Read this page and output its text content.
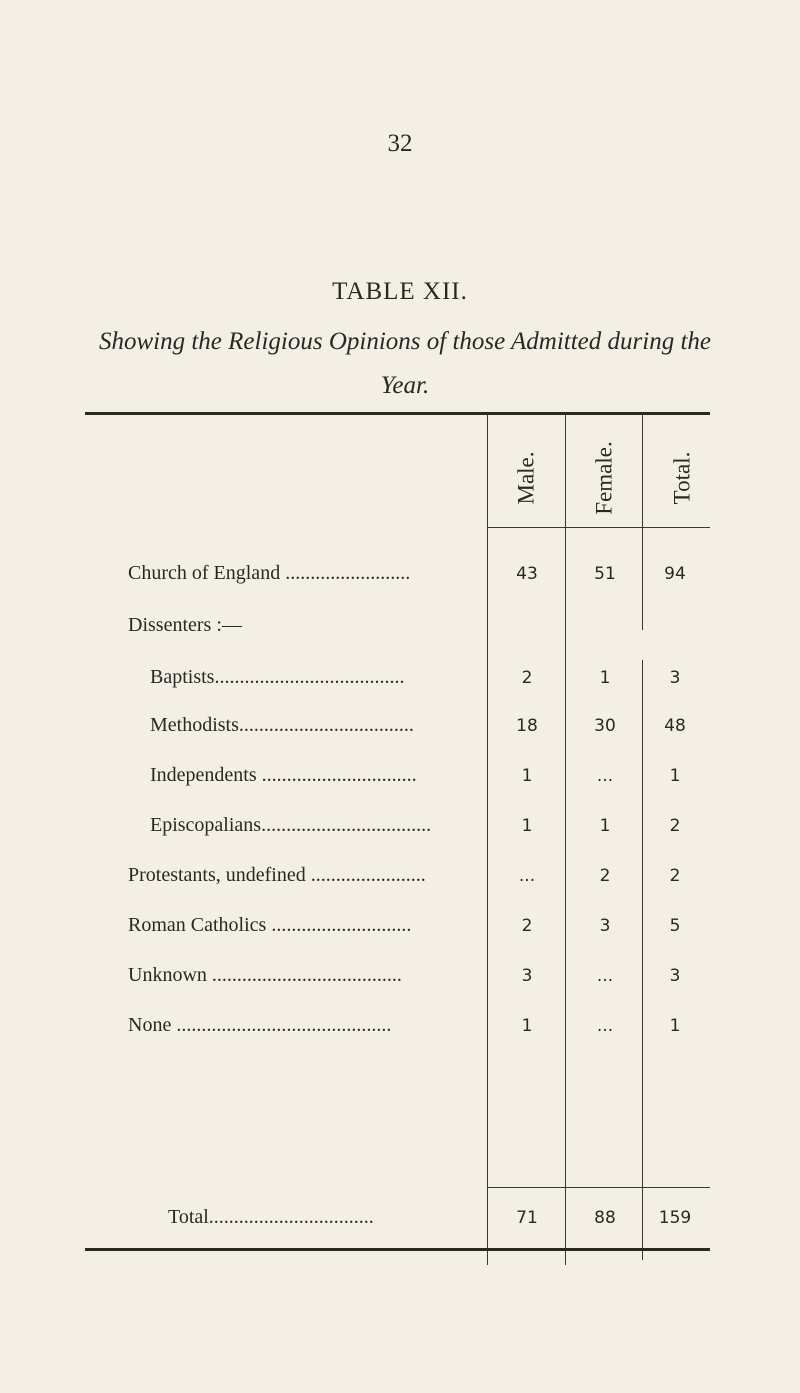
32
TABLE XII.
Showing the Religious Opinions of those Admitted during the Year.
Male. Female. Total.
Church of England .........................	43	51	94
Dissenters :—
Baptists......................................	2	1	3
Methodists...................................	18	30	48
Independents ...............................	1	...	1
Episcopalians..................................	1	1	2
Protestants, undefined .......................	...	2	2
Roman Catholics ............................	2	3	5
Unknown ......................................	3	...	3
None ...........................................	1	...	1
Total.................................	71	88	159
